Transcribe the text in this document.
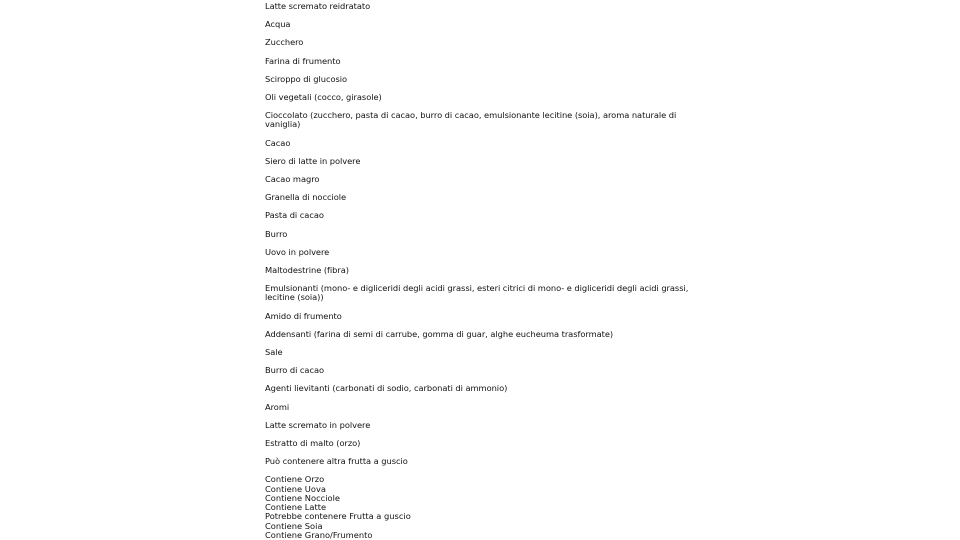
Latte scremato reidratato

Acqua

Zucchero

Farina di frumento

Sciroppo di glucosio

Oli vegetali (cocco, girasole)

Cioccolato (zucchero, pasta di cacao, burro di cacao, emulsionante lecitine (soia), aroma naturale di vaniglia)

Cacao

Siero di latte in polvere

Cacao magro

Granella di nocciole

Pasta di cacao

Burro

Uovo in polvere

Maltodestrine (fibra)

Emulsionanti (mono- e digliceridi degli acidi grassi, esteri citrici di mono- e digliceridi degli acidi grassi, lecitine (soia))

Amido di frumento

Addensanti (farina di semi di carrube, gomma di guar, alghe eucheuma trasformate)

Sale

Burro di cacao

Agenti lievitanti (carbonati di sodio, carbonati di ammonio)

Aromi

Latte scremato in polvere

Estratto di malto (orzo)

Può contenere altra frutta a guscio

Contiene Orzo
Contiene Uova
Contiene Nocciole
Contiene Latte
Potrebbe contenere Frutta a guscio
Contiene Soia
Contiene Grano/Frumento
